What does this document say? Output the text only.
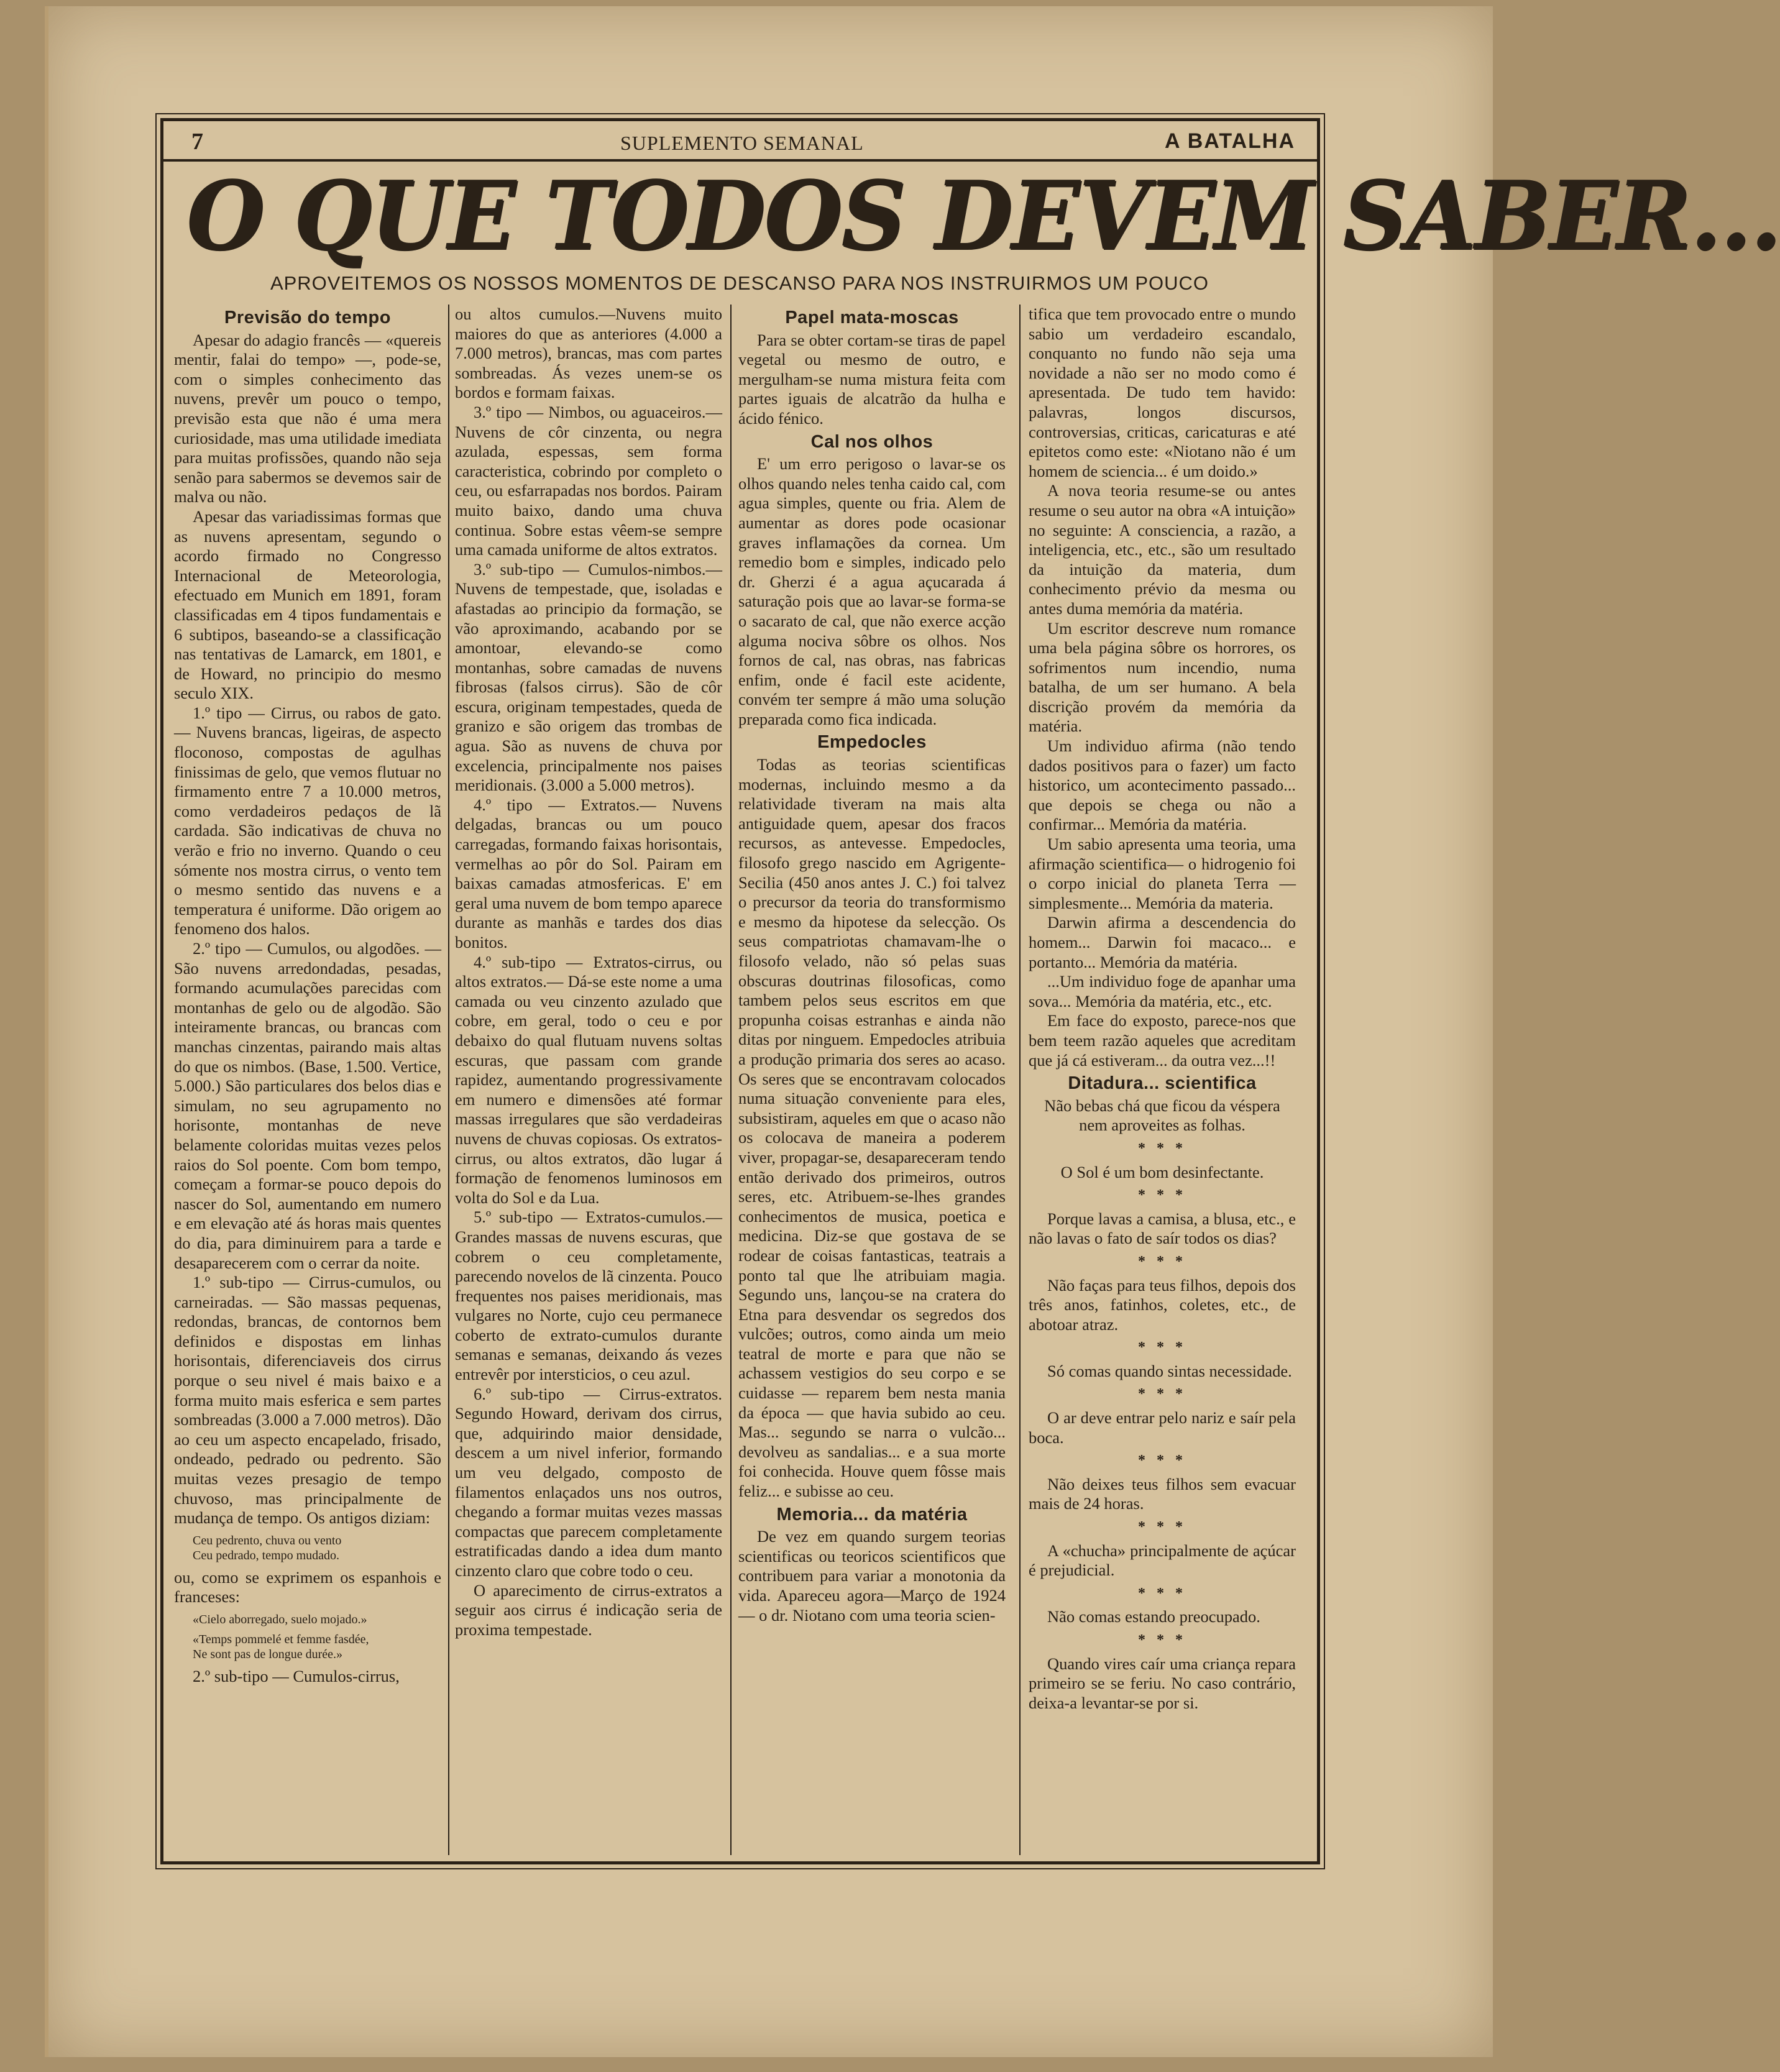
7	SUPLEMENTO SEMANAL	A BATALHA
O QUE TODOS DEVEM SABER...
APROVEITEMOS OS NOSSOS MOMENTOS DE DESCANSO PARA NOS INSTRUIRMOS UM POUCO
Previsão do tempo

Apesar do adagio francês — «quereis mentir, falai do tempo» —, pode-se, com o simples conhecimento das nuvens, prevêr um pouco o tempo, previsão esta que não é uma mera curiosidade, mas uma utilidade imediata para muitas profissões, quando não seja senão para sabermos se devemos sair de malva ou não.

Apesar das variadissimas formas que as nuvens apresentam, segundo o acordo firmado no Congresso Internacional de Meteorologia, efectuado em Munich em 1891, foram classificadas em 4 tipos fundamentais e 6 subtipos, baseando-se a classificação nas tentativas de Lamarck, em 1801, e de Howard, no principio do mesmo seculo XIX.

1.º tipo — Cirrus, ou rabos de gato.— Nuvens brancas, ligeiras, de aspecto floconoso, compostas de agulhas finissimas de gelo, que vemos flutuar no firmamento entre 7 a 10.000 metros, como verdadeiros pedaços de lã cardada. São indicativas de chuva no verão e frio no inverno. Quando o ceu sómente nos mostra cirrus, o vento tem o mesmo sentido das nuvens e a temperatura é uniforme. Dão origem ao fenomeno dos halos.

2.º tipo — Cumulos, ou algodões. — São nuvens arredondadas, pesadas, formando acumulações parecidas com montanhas de gelo ou de algodão. São inteiramente brancas, ou brancas com manchas cinzentas, pairando mais altas do que os nimbos. (Base, 1.500. Vertice, 5.000.) São particulares dos belos dias e simulam, no seu agrupamento no horisonte, montanhas de neve belamente coloridas muitas vezes pelos raios do Sol poente. Com bom tempo, começam a formar-se pouco depois do nascer do Sol, aumentando em numero e em elevação até ás horas mais quentes do dia, para diminuirem para a tarde e desaparecerem com o cerrar da noite.

1.º sub-tipo — Cirrus-cumulos, ou carneiradas. — São massas pequenas, redondas, brancas, de contornos bem definidos e dispostas em linhas horisontais, diferenciaveis dos cirrus porque o seu nivel é mais baixo e a forma muito mais esferica e sem partes sombreadas (3.000 a 7.000 metros). Dão ao ceu um aspecto encapelado, frisado, ondeado, pedrado ou pedrento. São muitas vezes presagio de tempo chuvoso, mas principalmente de mudança de tempo. Os antigos diziam:

Ceu pedrento, chuva ou vento
Ceu pedrado, tempo mudado.

ou, como se exprimem os espanhois e franceses:

«Cielo aborregado, suelo mojado.»

«Temps pommelé et femme fasdée,
Ne sont pas de longue durée.»

2.º sub-tipo — Cumulos-cirrus,

ou altos cumulos.—Nuvens muito maiores do que as anteriores (4.000 a 7.000 metros), brancas, mas com partes sombreadas. Ás vezes unem-se os bordos e formam faixas.

3.º tipo — Nimbos, ou aguaceiros.— Nuvens de côr cinzenta, ou negra azulada, espessas, sem forma caracteristica, cobrindo por completo o ceu, ou esfarrapadas nos bordos. Pairam muito baixo, dando uma chuva continua. Sobre estas vêem-se sempre uma camada uniforme de altos extratos.

3.º sub-tipo — Cumulos-nimbos.— Nuvens de tempestade, que, isoladas e afastadas ao principio da formação, se vão aproximando, acabando por se amontoar, elevando-se como montanhas, sobre camadas de nuvens fibrosas (falsos cirrus). São de côr escura, originam tempestades, queda de granizo e são origem das trombas de agua. São as nuvens de chuva por excelencia, principalmente nos paises meridionais. (3.000 a 5.000 metros).

4.º tipo — Extratos.— Nuvens delgadas, brancas ou um pouco carregadas, formando faixas horisontais, vermelhas ao pôr do Sol. Pairam em baixas camadas atmosfericas. E' em geral uma nuvem de bom tempo aparece durante as manhãs e tardes dos dias bonitos.

4.º sub-tipo — Extratos-cirrus, ou altos extratos.— Dá-se este nome a uma camada ou veu cinzento azulado que cobre, em geral, todo o ceu e por debaixo do qual flutuam nuvens soltas escuras, que passam com grande rapidez, aumentando progressivamente em numero e dimensões até formar massas irregulares que são verdadeiras nuvens de chuvas copiosas. Os extratos-cirrus, ou altos extratos, dão lugar á formação de fenomenos luminosos em volta do Sol e da Lua.

5.º sub-tipo — Extratos-cumulos.— Grandes massas de nuvens escuras, que cobrem o ceu completamente, parecendo novelos de lã cinzenta. Pouco frequentes nos paises meridionais, mas vulgares no Norte, cujo ceu permanece coberto de extrato-cumulos durante semanas e semanas, deixando ás vezes entrevêr por intersticios, o ceu azul.

6.º sub-tipo — Cirrus-extratos. Segundo Howard, derivam dos cirrus, que, adquirindo maior densidade, descem a um nivel inferior, formando um veu delgado, composto de filamentos enlaçados uns nos outros, chegando a formar muitas vezes massas compactas que parecem completamente estratificadas dando a idea dum manto cinzento claro que cobre todo o ceu.

O aparecimento de cirrus-extratos a seguir aos cirrus é indicação seria de proxima tempestade.

Papel mata-moscas

Para se obter cortam-se tiras de papel vegetal ou mesmo de outro, e mergulham-se numa mistura feita com partes iguais de alcatrão da hulha e ácido fénico.

Cal nos olhos

E' um erro perigoso o lavar-se os olhos quando neles tenha caido cal, com agua simples, quente ou fria. Alem de aumentar as dores pode ocasionar graves inflamações da cornea. Um remedio bom e simples, indicado pelo dr. Gherzi é a agua açucarada á saturação pois que ao lavar-se forma-se o sacarato de cal, que não exerce acção alguma nociva sôbre os olhos. Nos fornos de cal, nas obras, nas fabricas enfim, onde é facil este acidente, convém ter sempre á mão uma solução preparada como fica indicada.

Empedocles

Todas as teorias scientificas modernas, incluindo mesmo a da relatividade tiveram na mais alta antiguidade quem, apesar dos fracos recursos, as antevesse. Empedocles, filosofo grego nascido em Agrigente-Secilia (450 anos antes J. C.) foi talvez o precursor da teoria do transformismo e mesmo da hipotese da selecção. Os seus compatriotas chamavam-lhe o filosofo velado, não só pelas suas obscuras doutrinas filosoficas, como tambem pelos seus escritos em que propunha coisas estranhas e ainda não ditas por ninguem. Empedocles atribuia a produção primaria dos seres ao acaso. Os seres que se encontravam colocados numa situação conveniente para eles, subsistiram, aqueles em que o acaso não os colocava de maneira a poderem viver, propagar-se, desapareceram tendo então derivado dos primeiros, outros seres, etc. Atribuem-se-lhes grandes conhecimentos de musica, poetica e medicina. Diz-se que gostava de se rodear de coisas fantasticas, teatrais a ponto tal que lhe atribuiam magia. Segundo uns, lançou-se na cratera do Etna para desvendar os segredos dos vulcões; outros, como ainda um meio teatral de morte e para que não se achassem vestigios do seu corpo e se cuidasse — reparem bem nesta mania da época — que havia subido ao ceu. Mas... segundo se narra o vulcão... devolveu as sandalias... e a sua morte foi conhecida. Houve quem fôsse mais feliz... e subisse ao ceu.

Memoria... da matéria

De vez em quando surgem teorias scientificas ou teoricos scientificos que contribuem para variar a monotonia da vida. Apareceu agora—Março de 1924— o dr. Niotano com uma teoria scien-

tifica que tem provocado entre o mundo sabio um verdadeiro escandalo, conquanto no fundo não seja uma novidade a não ser no modo como é apresentada. De tudo tem havido: palavras, longos discursos, controversias, criticas, caricaturas e até epitetos como este: «Niotano não é um homem de sciencia... é um doido.»

A nova teoria resume-se ou antes resume o seu autor na obra «A intuição» no seguinte: A consciencia, a razão, a inteligencia, etc., etc., são um resultado da intuição da materia, dum conhecimento prévio da mesma ou antes duma memória da matéria.

Um escritor descreve num romance uma bela página sôbre os horrores, os sofrimentos num incendio, numa batalha, de um ser humano. A bela discrição provém da memória da matéria.

Um individuo afirma (não tendo dados positivos para o fazer) um facto historico, um acontecimento passado... que depois se chega ou não a confirmar... Memória da matéria.

Um sabio apresenta uma teoria, uma afirmação scientifica— o hidrogenio foi o corpo inicial do planeta Terra — simplesmente... Memória da materia.

Darwin afirma a descendencia do homem... Darwin foi macaco... e portanto... Memória da matéria.

...Um individuo foge de apanhar uma sova... Memória da matéria, etc., etc.

Em face do exposto, parece-nos que bem teem razão aqueles que acreditam que já cá estiveram... da outra vez...!!

Ditadura... scientifica

Não bebas chá que ficou da véspera nem aproveites as folhas.

* * *

O Sol é um bom desinfectante.

* * *

Porque lavas a camisa, a blusa, etc., e não lavas o fato de saír todos os dias?

* * *

Não faças para teus filhos, depois dos três anos, fatinhos, coletes, etc., de abotoar atraz.

* * *

Só comas quando sintas necessidade.

* * *

O ar deve entrar pelo nariz e saír pela boca.

* * *

Não deixes teus filhos sem evacuar mais de 24 horas.

* * *

A «chucha» principalmente de açúcar é prejudicial.

* * *

Não comas estando preocupado.

* * *

Quando vires caír uma criança repara primeiro se se feriu. No caso contrário, deixa-a levantar-se por si.
